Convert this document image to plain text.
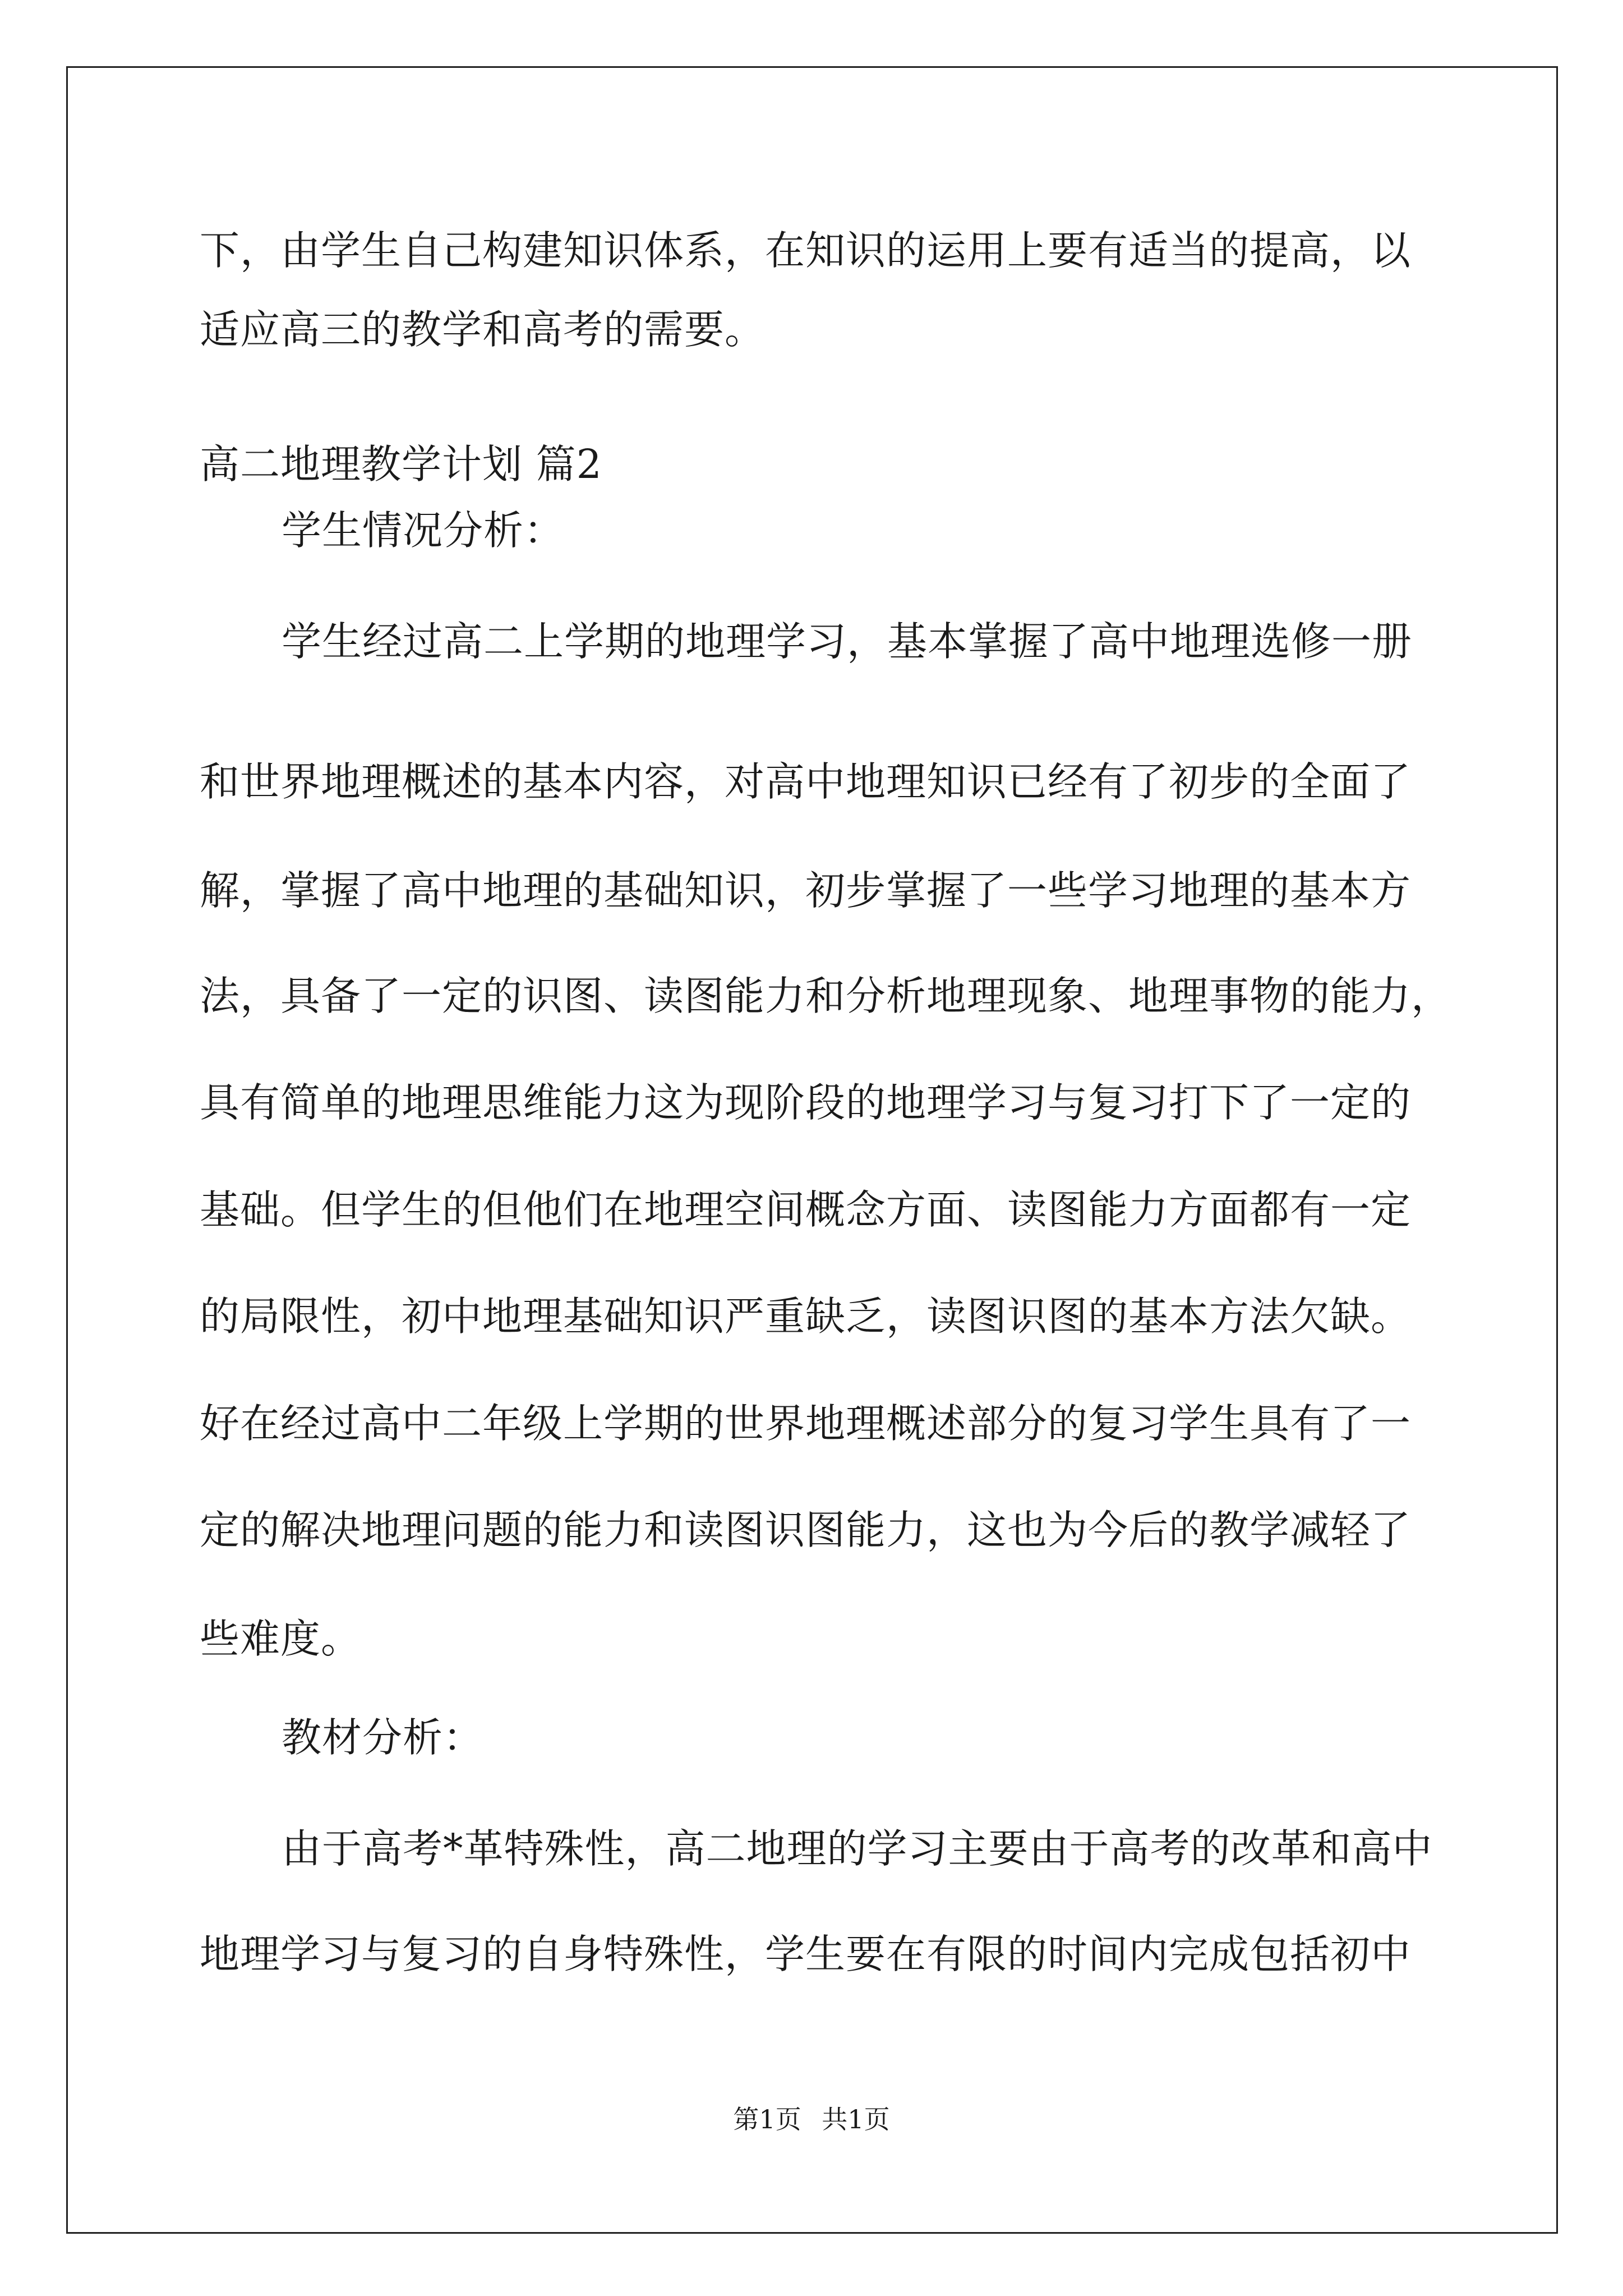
下，由学生自己构建知识体系，在知识的运用上要有适当的提高，以
适应高三的教学和高考的需要。
高二地理教学计划 篇2
学生情况分析：
学生经过高二上学期的地理学习，基本掌握了高中地理选修一册
和世界地理概述的基本内容，对高中地理知识已经有了初步的全面了
解，掌握了高中地理的基础知识，初步掌握了一些学习地理的基本方
法，具备了一定的识图、读图能力和分析地理现象、地理事物的能力，
具有简单的地理思维能力这为现阶段的地理学习与复习打下了一定的
基础。但学生的但他们在地理空间概念方面、读图能力方面都有一定
的局限性，初中地理基础知识严重缺乏，读图识图的基本方法欠缺。
好在经过高中二年级上学期的世界地理概述部分的复习学生具有了一
定的解决地理问题的能力和读图识图能力，这也为今后的教学减轻了
些难度。
教材分析：
由于高考*革特殊性，高二地理的学习主要由于高考的改革和高中
地理学习与复习的自身特殊性，学生要在有限的时间内完成包括初中
第1页 共1页
